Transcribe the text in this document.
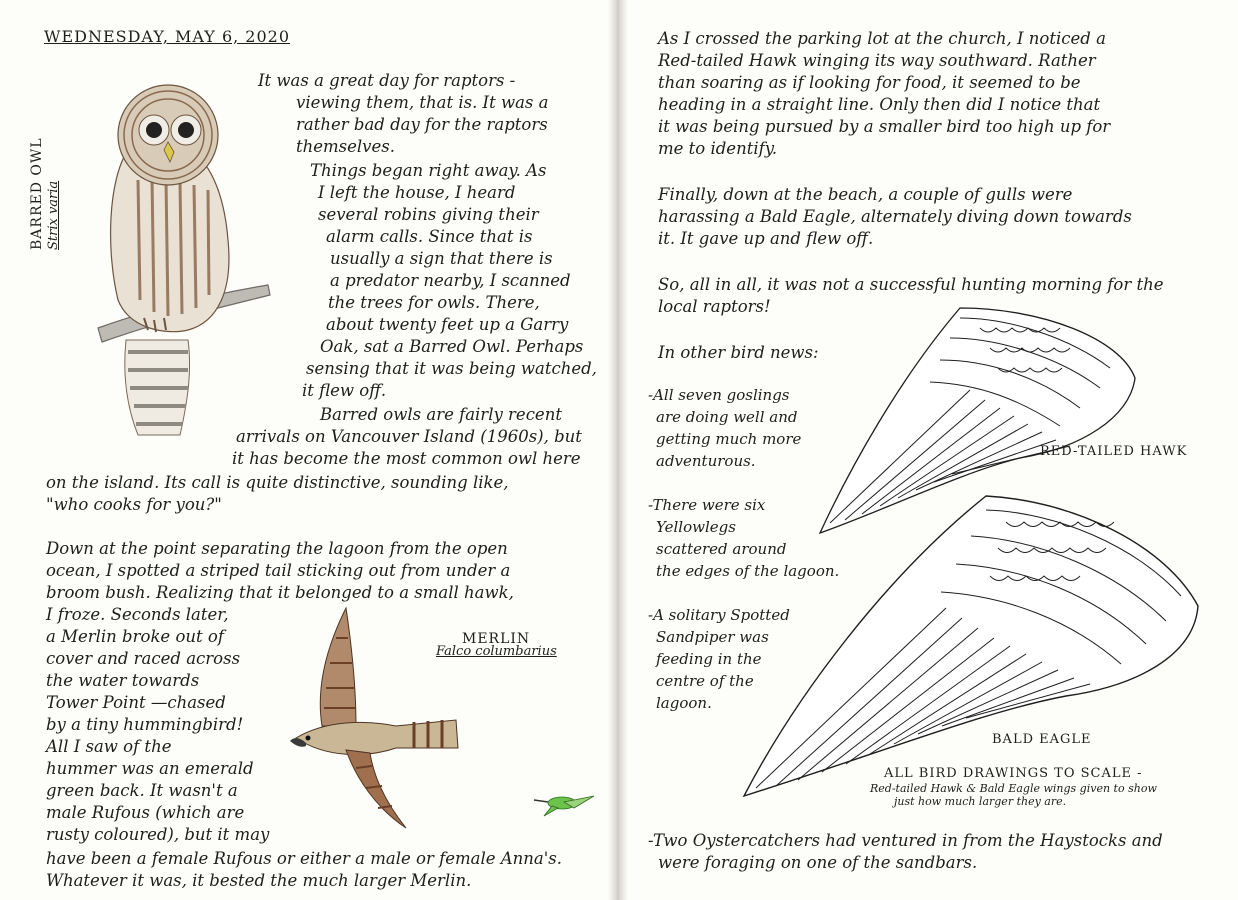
WEDNESDAY, MAY 6, 2020
BARRED OWL Strix varia
It was a great day for raptors -
viewing them, that is. It was a
rather bad day for the raptors
themselves.
Things began right away. As
I left the house, I heard
several robins giving their
alarm calls. Since that is
usually a sign that there is
a predator nearby, I scanned
the trees for owls. There,
about twenty feet up a Garry
Oak, sat a Barred Owl. Perhaps
sensing that it was being watched,
it flew off.
Barred owls are fairly recent
arrivals on Vancouver Island (1960s), but
it has become the most common owl here
on the island. Its call is quite distinctive, sounding like,
"who cooks for you?"
Down at the point separating the lagoon from the open
ocean, I spotted a striped tail sticking out from under a
broom bush. Realizing that it belonged to a small hawk,
I froze. Seconds later,
a Merlin broke out of
cover and raced across
the water towards
Tower Point —chased
by a tiny hummingbird!
All I saw of the
hummer was an emerald
green back. It wasn't a
male Rufous (which are
rusty coloured), but it may
have been a female Rufous or either a male or female Anna's.
Whatever it was, it bested the much larger Merlin.
MERLIN
Falco columbarius
As I crossed the parking lot at the church, I noticed a
Red-tailed Hawk winging its way southward. Rather
than soaring as if looking for food, it seemed to be
heading in a straight line. Only then did I notice that
it was being pursued by a smaller bird too high up for
me to identify.
Finally, down at the beach, a couple of gulls were
harassing a Bald Eagle, alternately diving down towards
it. It gave up and flew off.
So, all in all, it was not a successful hunting morning for the
local raptors!
In other bird news:
-All seven goslings
are doing well and
getting much more
adventurous.
-There were six
Yellowlegs
scattered around
the edges of the lagoon.
-A solitary Spotted
Sandpiper was
feeding in the
centre of the
lagoon.
RED-TAILED HAWK
BALD EAGLE
ALL BIRD DRAWINGS TO SCALE -
Red-tailed Hawk & Bald Eagle wings given to show
just how much larger they are.
-Two Oystercatchers had ventured in from the Haystocks and
were foraging on one of the sandbars.
